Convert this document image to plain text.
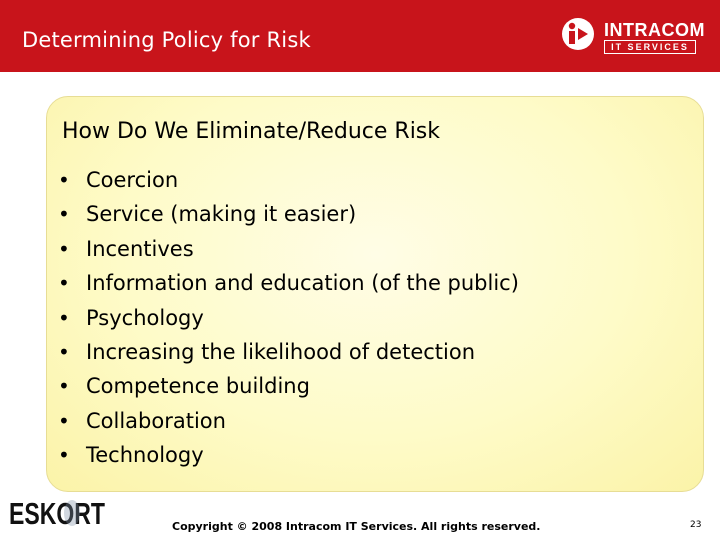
Determining Policy for Risk	INTRACOM
IT SERVICES
How Do We Eliminate/Reduce Risk
• Coercion
• Service (making it easier)
• Incentives
• Information and education (of the public)
• Psychology
• Increasing the likelihood of detection
• Competence building
• Collaboration
• Technology
ESKORT	Copyright © 2008 Intracom IT Services. All rights reserved.	23
